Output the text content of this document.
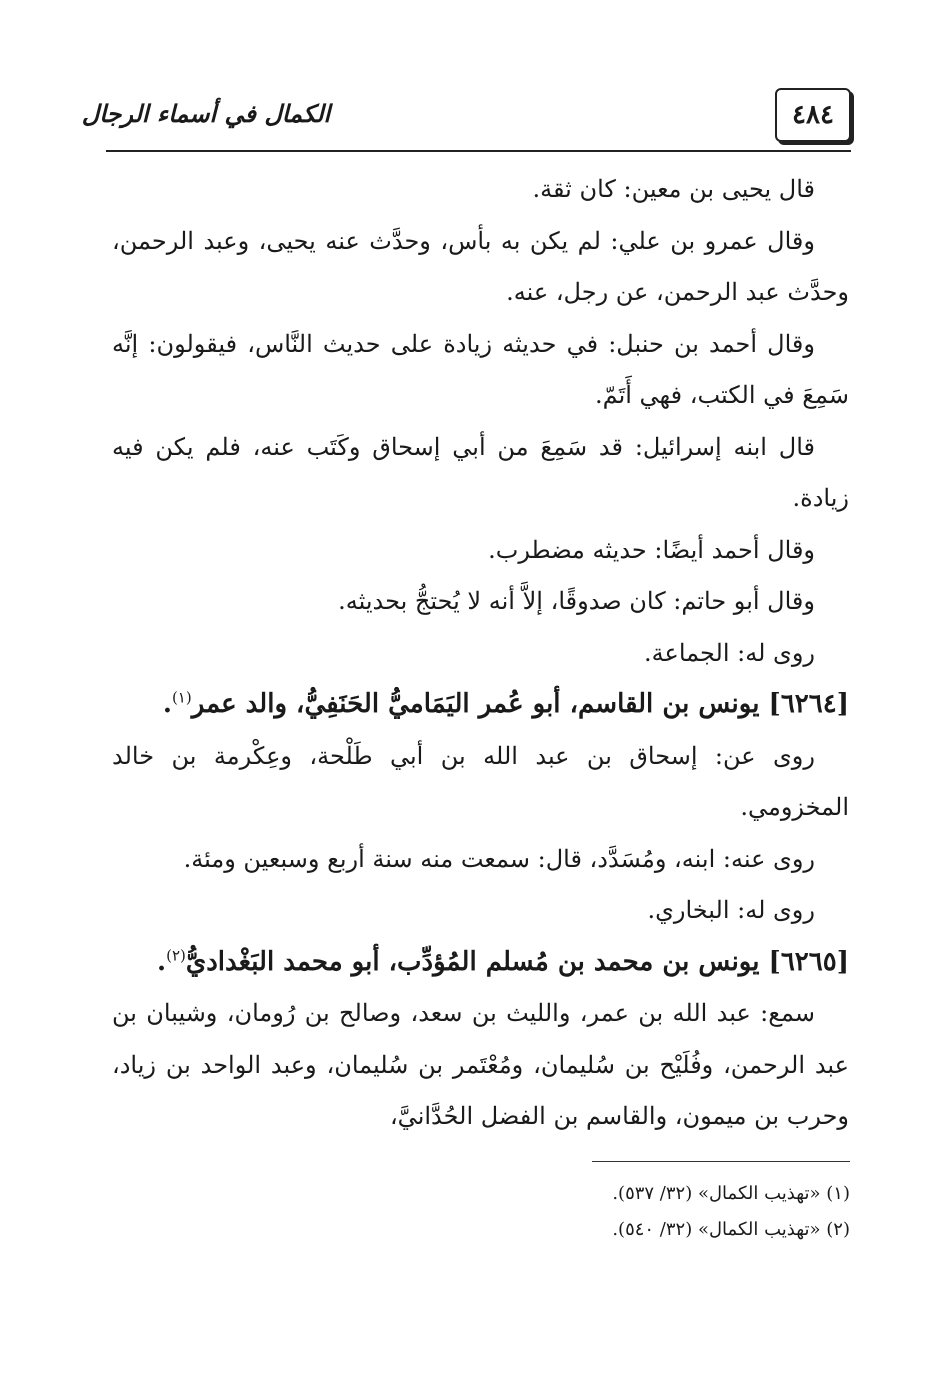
٤٨٤
الكمال في أسماء الرجال

قال يحيى بن معين: كان ثقة.

وقال عمرو بن علي: لم يكن به بأس، وحدَّث عنه يحيى، وعبد الرحمن، وحدَّث عبد الرحمن، عن رجل، عنه.

وقال أحمد بن حنبل: في حديثه زيادة على حديث النَّاس، فيقولون: إنَّه سَمِعَ في الكتب، فهي أَتَمّ.

قال ابنه إسرائيل: قد سَمِعَ من أبي إسحاق وكَتَب عنه، فلم يكن فيه زيادة.

وقال أحمد أيضًا: حديثه مضطرب.

وقال أبو حاتم: كان صدوقًا، إلاَّ أنه لا يُحتجُّ بحديثه.

روى له: الجماعة.

[٦٢٦٤] يونس بن القاسم، أبو عُمر اليَمَاميُّ الحَنَفِيُّ، والد عمر$^{(١)}$.

روى عن: إسحاق بن عبد الله بن أبي طَلْحة، وعِكْرمة بن خالد المخزومي.

روى عنه: ابنه، ومُسَدَّد، قال: سمعت منه سنة أربع وسبعين ومئة.

روى له: البخاري.

[٦٢٦٥] يونس بن محمد بن مُسلم المُؤدِّب، أبو محمد البَغْداديُّ$^{(٢)}$.

سمع: عبد الله بن عمر، والليث بن سعد، وصالح بن رُومان، وشيبان بن عبد الرحمن، وفُلَيْح بن سُليمان، ومُعْتَمر بن سُليمان، وعبد الواحد بن زياد، وحرب بن ميمون، والقاسم بن الفضل الحُدَّانيَّ،

(١) «تهذيب الكمال» (٣٢/ ٥٣٧).

(٢) «تهذيب الكمال» (٣٢/ ٥٤٠).
